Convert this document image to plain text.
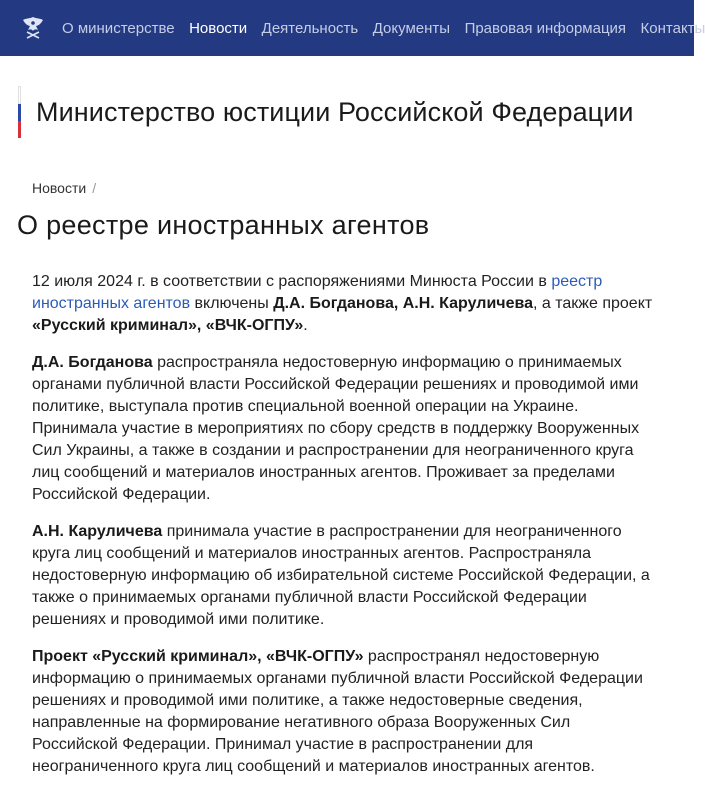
О министерстве Новости Деятельность Документы Правовая информация Контакты
Министерство юстиции Российской Федерации
Новости /
О реестре иностранных агентов

12 июля 2024 г. в соответствии с распоряжениями Минюста России в реестр иностранных агентов включены Д.А. Богданова, А.Н. Каруличева, а также проект «Русский криминал», «ВЧК-ОГПУ».

Д.А. Богданова распространяла недостоверную информацию о принимаемых органами публичной власти Российской Федерации решениях и проводимой ими политике, выступала против специальной военной операции на Украине. Принимала участие в мероприятиях по сбору средств в поддержку Вооруженных Сил Украины, а также в создании и распространении для неограниченного круга лиц сообщений и материалов иностранных агентов. Проживает за пределами Российской Федерации.

А.Н. Каруличева принимала участие в распространении для неограниченного круга лиц сообщений и материалов иностранных агентов. Распространяла недостоверную информацию об избирательной системе Российской Федерации, а также о принимаемых органами публичной власти Российской Федерации решениях и проводимой ими политике.

Проект «Русский криминал», «ВЧК-ОГПУ» распространял недостоверную информацию о принимаемых органами публичной власти Российской Федерации решениях и проводимой ими политике, а также недостоверные сведения, направленные на формирование негативного образа Вооруженных Сил Российской Федерации. Принимал участие в распространении для неограниченного круга лиц сообщений и материалов иностранных агентов.
